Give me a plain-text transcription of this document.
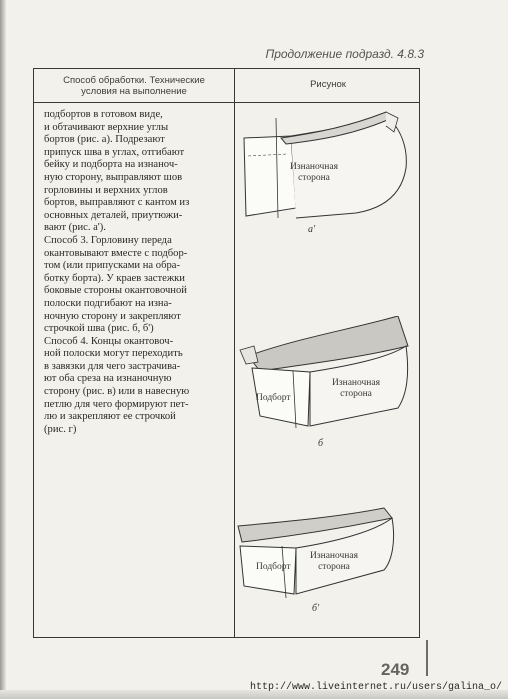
Продолжение подразд. 4.8.3
Способ обработки. Технические
условия на выполнение
Рисунок
подбортов в готовом виде,
и обтачивают верхние углы
бортов (рис. а). Подрезают
припуск шва в углах, отгибают
бейку и подборта на изнаноч-
ную сторону, выправляют шов
горловины и верхних углов
бортов, выправляют с кантом из
основных деталей, приутюжи-
вают (рис. а').
Способ 3. Горловину переда
окантовывают вместе с подбор-
том (или припусками на обра-
ботку борта). У краев застежки
боковые стороны окантовочной
полоски подгибают на изна-
ночную сторону и закрепляют
строчкой шва (рис. б, б')
Способ 4. Концы окантовоч-
ной полоски могут переходить
в завязки для чего застрачива-
ют оба среза на изнаночную
сторону (рис. в) или в навесную
петлю для чего формируют пет-
лю и закрепляют ее строчкой
(рис. г)
Изнаночная
сторона
а'
Подборт
Изнаночная
сторона
б
Подборт
Изнаночная
сторона
б'
249
http://www.liveinternet.ru/users/galina_o/
